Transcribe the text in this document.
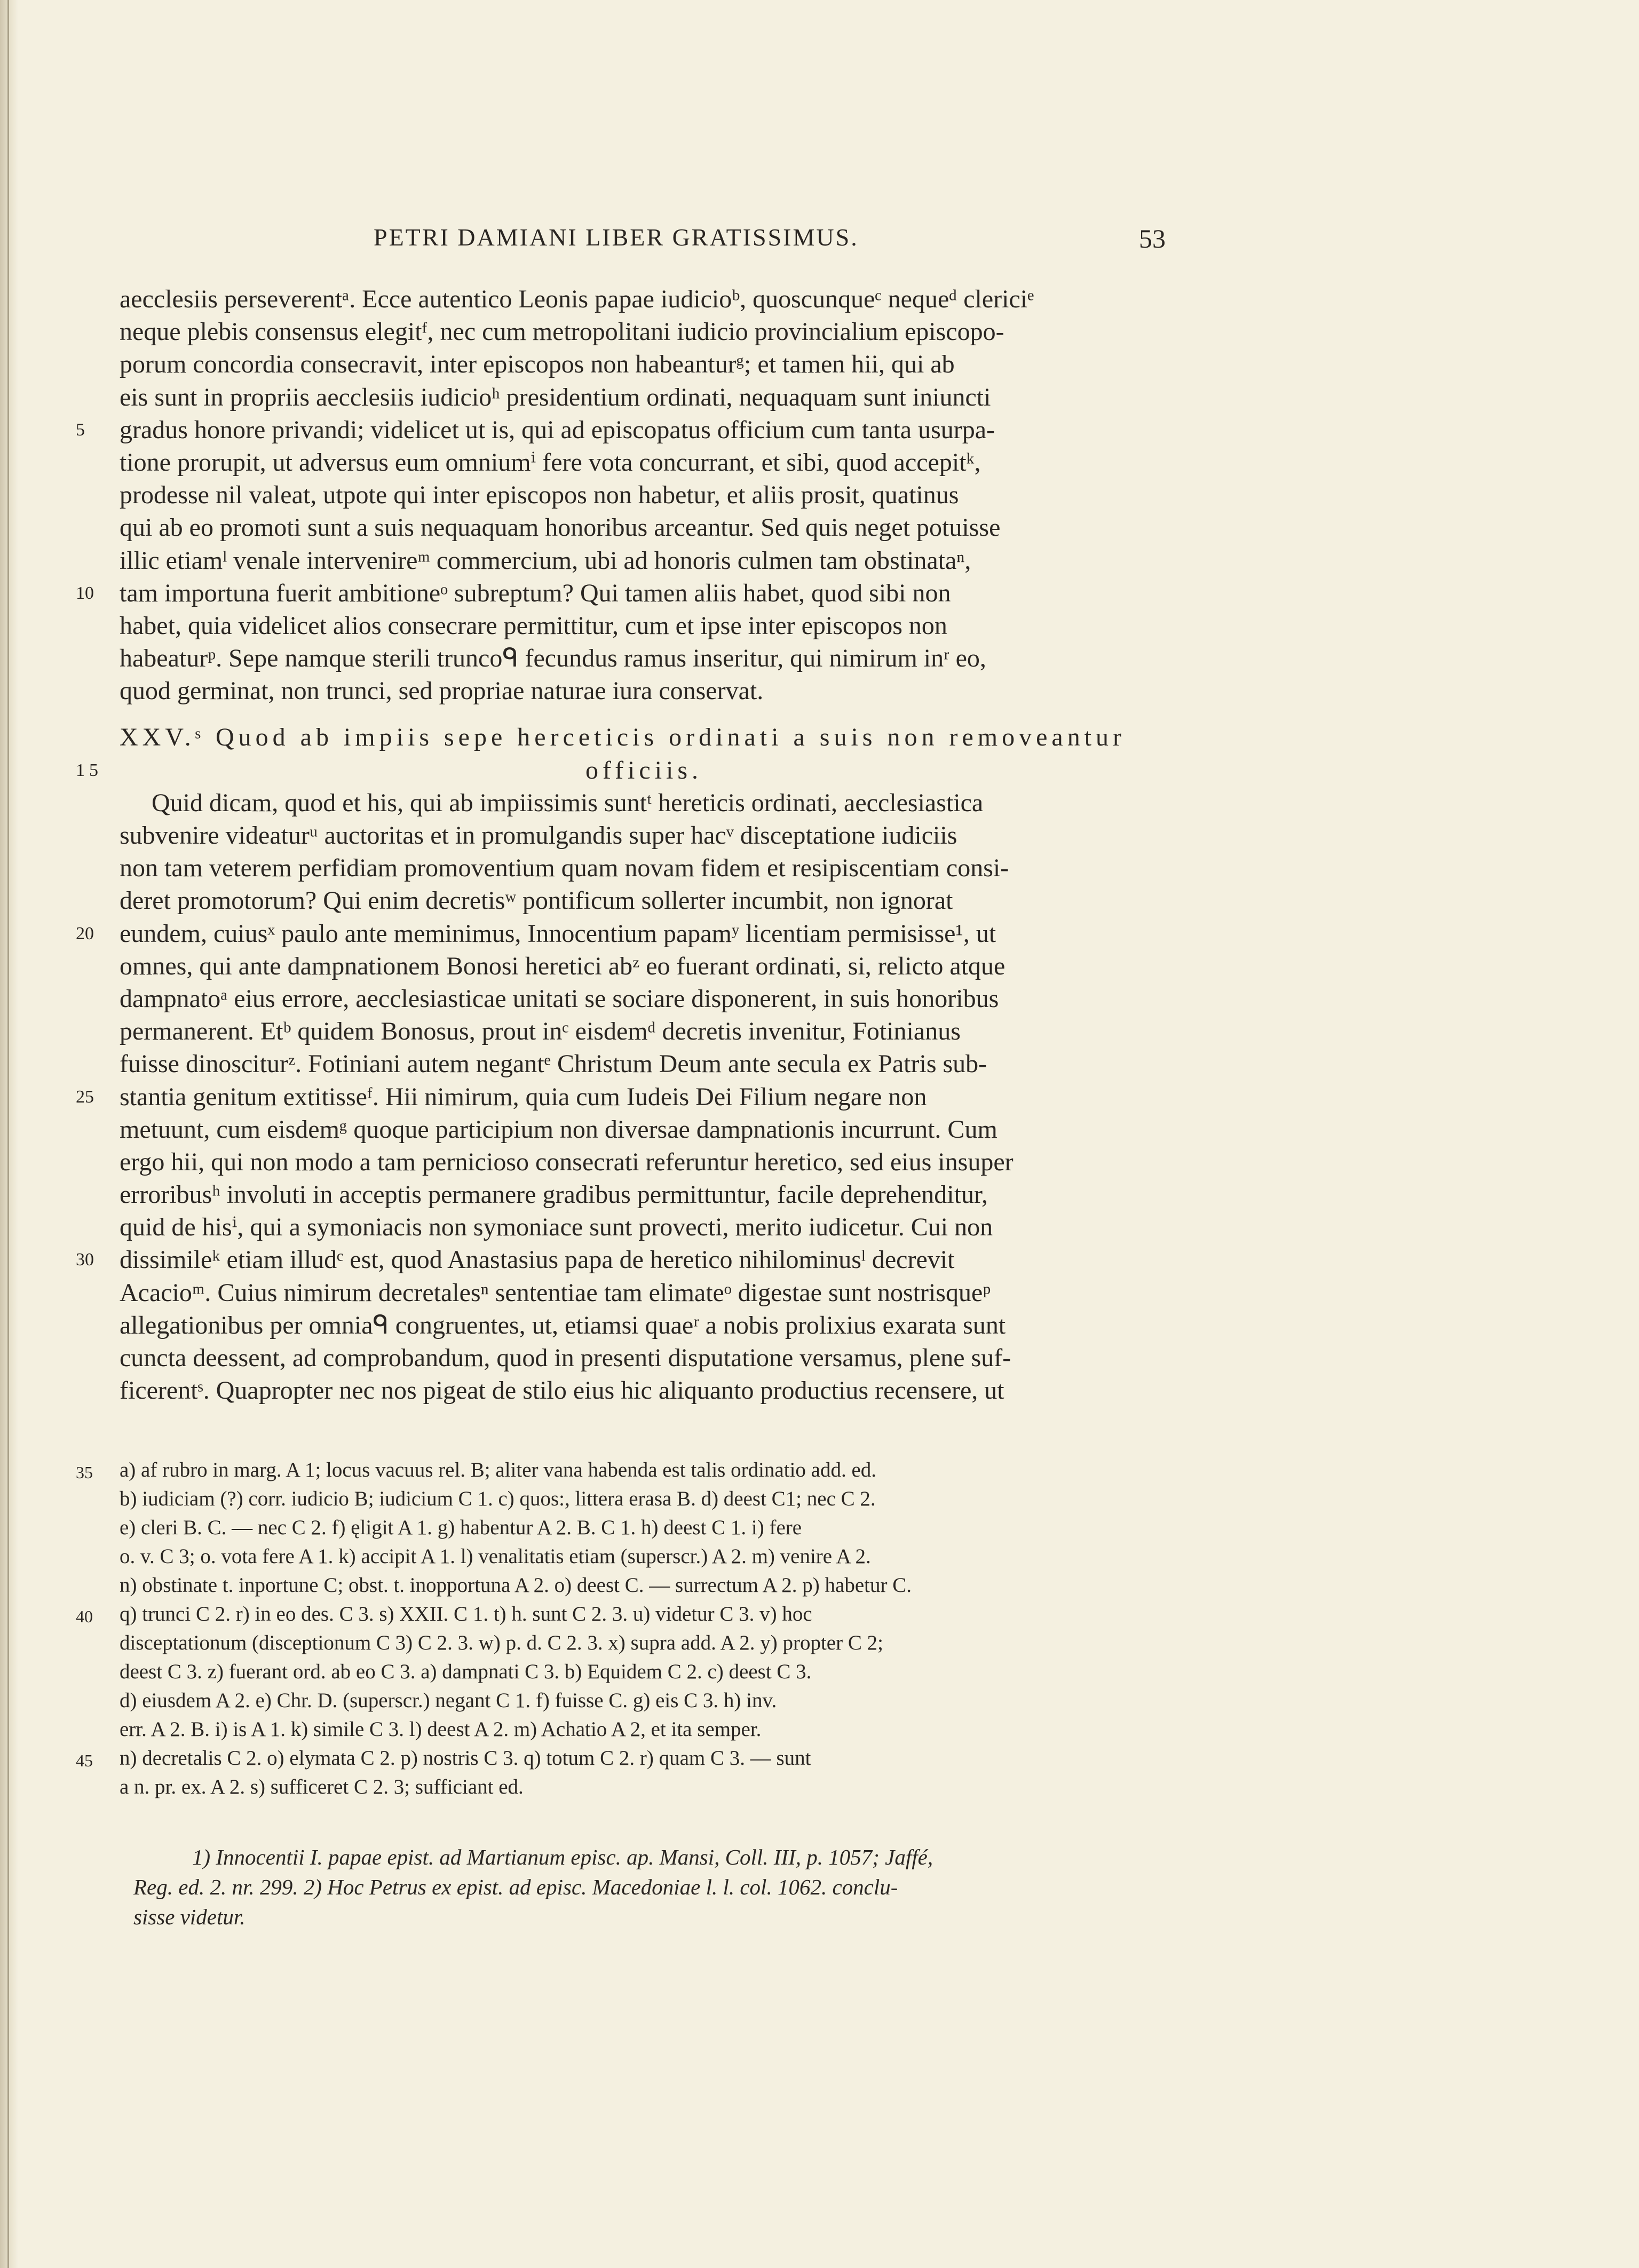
PETRI DAMIANI LIBER GRATISSIMUS.	53
aecclesiis perseverentᵃ. Ecce autentico Leonis papae iudicioᵇ, quoscunqueᶜ nequeᵈ clericiᵉ
neque plebis consensus elegitᶠ, nec cum metropolitani iudicio provincialium episcopo-
porum concordia consecravit, inter episcopos non habeanturᵍ; et tamen hii, qui ab
eis sunt in propriis aecclesiis iudicioʰ presidentium ordinati, nequaquam sunt iniuncti
5	gradus honore privandi; videlicet ut is, qui ad episcopatus officium cum tanta usurpa-
tione prorupit, ut adversus eum omniumⁱ fere vota concurrant, et sibi, quod accepitᵏ,
prodesse nil valeat, utpote qui inter episcopos non habetur, et aliis prosit, quatinus
qui ab eo promoti sunt a suis nequaquam honoribus arceantur. Sed quis neget potuisse
illic etiamˡ venale intervenireᵐ commercium, ubi ad honoris culmen tam obstinataⁿ,
10	tam importuna fuerit ambitioneᵒ subreptum? Qui tamen aliis habet, quod sibi non
habet, quia videlicet alios consecrare permittitur, cum et ipse inter episcopos non
habeaturᵖ. Sepe namque sterili truncoᑫ fecundus ramus inseritur, qui nimirum inʳ eo,
quod germinat, non trunci, sed propriae naturae iura conservat.
XXV.ˢ Quod ab impiis sepe herceticis ordinati a suis non removeantur
15	officiis.
Quid dicam, quod et his, qui ab impiissimis suntᵗ hereticis ordinati, aecclesiastica
subvenire videaturᵘ auctoritas et in promulgandis super hacᵛ disceptatione iudiciis
non tam veterem perfidiam promoventium quam novam fidem et resipiscentiam consi-
deret promotorum? Qui enim decretisʷ pontificum sollerter incumbit, non ignorat
20	eundem, cuiusˣ paulo ante meminimus, Innocentium papamʸ licentiam permisisse¹, ut
omnes, qui ante dampnationem Bonosi heretici abᶻ eo fuerant ordinati, si, relicto atque
dampnatoᵃ eius errore, aecclesiasticae unitati se sociare disponerent, in suis honoribus
permanerent. Etᵇ quidem Bonosus, prout inᶜ eisdemᵈ decretis invenitur, Fotinianus
fuisse dinosciturᶻ. Fotiniani autem negantᵉ Christum Deum ante secula ex Patris sub-
25	stantia genitum extitisseᶠ. Hii nimirum, quia cum Iudeis Dei Filium negare non
metuunt, cum eisdemᵍ quoque participium non diversae dampnationis incurrunt. Cum
ergo hii, qui non modo a tam pernicioso consecrati referuntur heretico, sed eius insuper
erroribusʰ involuti in acceptis permanere gradibus permittuntur, facile deprehenditur,
quid de hisⁱ, qui a symoniacis non symoniace sunt provecti, merito iudicetur. Cui non
30	dissimileᵏ etiam illudᶜ est, quod Anastasius papa de heretico nihilominusˡ decrevit
Acacioᵐ. Cuius nimirum decretalesⁿ sententiae tam elimateᵒ digestae sunt nostrisqueᵖ
allegationibus per omniaᑫ congruentes, ut, etiamsi quaeʳ a nobis prolixius exarata sunt
cuncta deessent, ad comprobandum, quod in presenti disputatione versamus, plene suf-
ficerentˢ. Quapropter nec nos pigeat de stilo eius hic aliquanto productius recensere, ut
35	a) af rubro in marg. A 1; locus vacuus rel. B; aliter vana habenda est talis ordinatio add. ed.
b) iudiciam (?) corr. iudicio B; iudicium C 1. c) quos:, littera erasa B. d) deest C1; nec C 2.
e) cleri B. C. — nec C 2. f) ęligit A 1. g) habentur A 2. B. C 1. h) deest C 1. i) fere
o. v. C 3; o. vota fere A 1. k) accipit A 1. l) venalitatis etiam (superscr.) A 2. m) venire A 2.
n) obstinate t. inportune C; obst. t. inopportuna A 2. o) deest C. — surrectum A 2. p) habetur C.
40	q) trunci C 2. r) in eo des. C 3. s) XXII. C 1. t) h. sunt C 2. 3. u) videtur C 3. v) hoc
disceptationum (disceptionum C 3) C 2. 3. w) p. d. C 2. 3. x) supra add. A 2. y) propter C 2;
deest C 3. z) fuerant ord. ab eo C 3. a) dampnati C 3. b) Equidem C 2. c) deest C 3.
d) eiusdem A 2. e) Chr. D. (superscr.) negant C 1. f) fuisse C. g) eis C 3. h) inv.
err. A 2. B. i) is A 1. k) simile C 3. l) deest A 2. m) Achatio A 2, et ita semper.
45	n) decretalis C 2. o) elymata C 2. p) nostris C 3. q) totum C 2. r) quam C 3. — sunt
a n. pr. ex. A 2. s) sufficeret C 2. 3; sufficiant ed.
1) Innocentii I. papae epist. ad Martianum episc. ap. Mansi, Coll. III, p. 1057; Jaffé,
Reg. ed. 2. nr. 299. 2) Hoc Petrus ex epist. ad episc. Macedoniae l. l. col. 1062. conclu-
sisse videtur.
